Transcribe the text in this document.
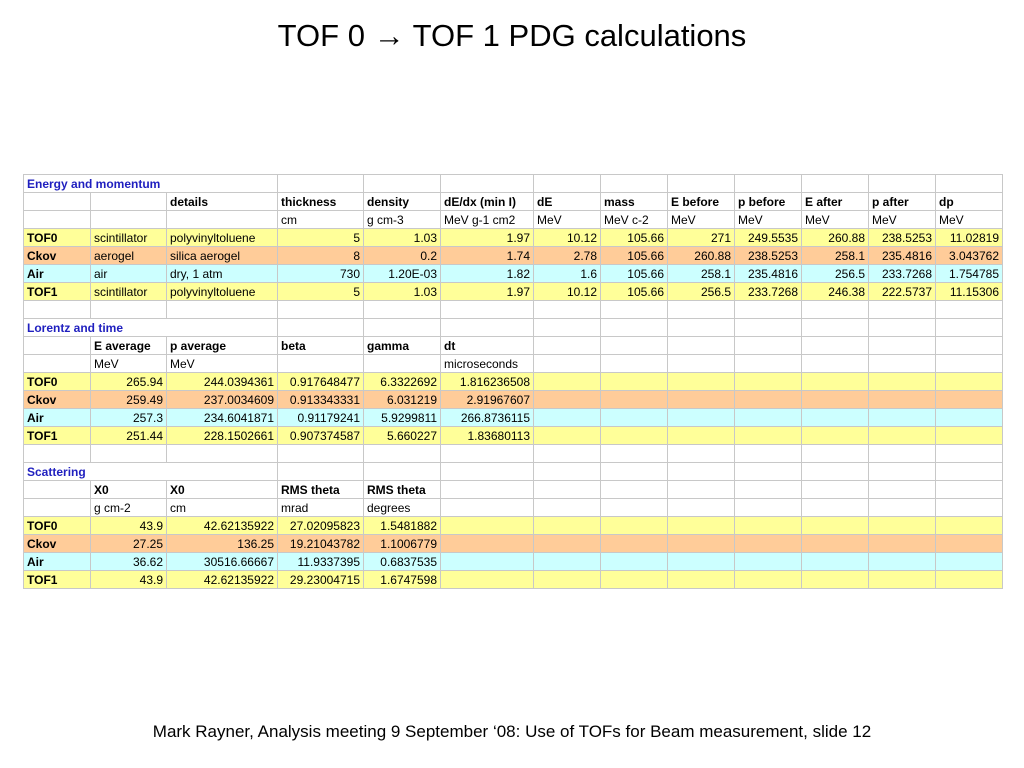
TOF 0 → TOF 1 PDG calculations
Energy and momentum												
		details	thickness	density	dE/dx (min I)	dE	mass	E before	p before	E after	p after	dp
			cm	g cm-3	MeV g-1 cm2	MeV	MeV c-2	MeV	MeV	MeV	MeV	MeV
TOF0	scintillator	polyvinyltoluene	5	1.03	1.97	10.12	105.66	271	249.5535	260.88	238.5253	11.02819
Ckov	aerogel	silica aerogel	8	0.2	1.74	2.78	105.66	260.88	238.5253	258.1	235.4816	3.043762
Air	air	dry, 1 atm	730	1.20E-03	1.82	1.6	105.66	258.1	235.4816	256.5	233.7268	1.754785
TOF1	scintillator	polyvinyltoluene	5	1.03	1.97	10.12	105.66	256.5	233.7268	246.38	222.5737	11.15306

Lorentz and time												
	E average	p average	beta	gamma	dt							
	MeV	MeV			microseconds							
TOF0	265.94	244.0394361	0.917648477	6.3322692	1.816236508							
Ckov	259.49	237.0034609	0.913343331	6.031219	2.91967607							
Air	257.3	234.6041871	0.91179241	5.9299811	266.8736115							
TOF1	251.44	228.1502661	0.907374587	5.660227	1.83680113							

Scattering												
	X0	X0	RMS theta	RMS theta								
	g cm-2	cm	mrad	degrees								
TOF0	43.9	42.62135922	27.02095823	1.5481882								
Ckov	27.25	136.25	19.21043782	1.1006779								
Air	36.62	30516.66667	11.9337395	0.6837535								
TOF1	43.9	42.62135922	29.23004715	1.6747598								
Mark Rayner, Analysis meeting 9 September ‘08: Use of TOFs for Beam measurement, slide 12
